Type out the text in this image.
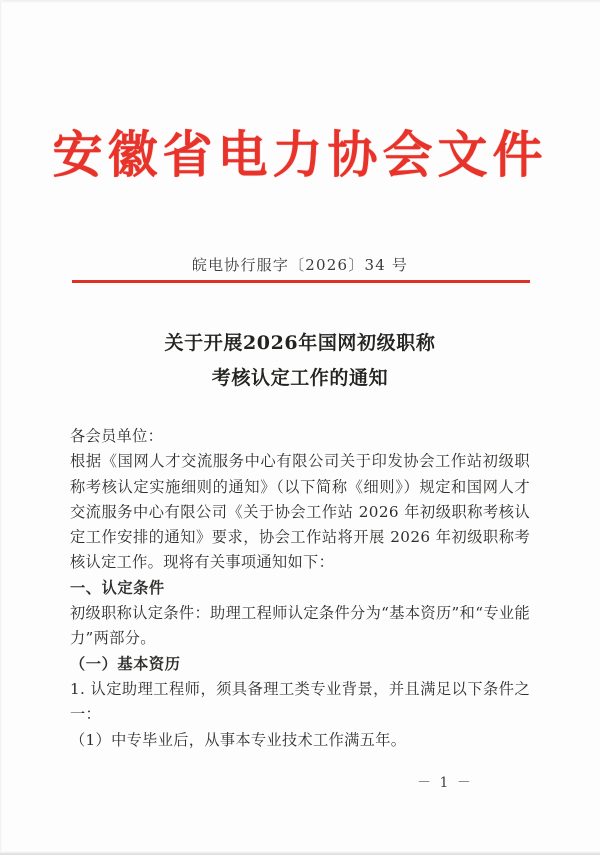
安徽省电力协会文件
皖电协行服字〔2026〕34 号
关于开展2026年国网初级职称
考核认定工作的通知

各会员单位：

根据《国网人才交流服务中心有限公司关于印发协会工作站初级职称考核认定实施细则的通知》（以下简称《细则》）规定和国网人才交流服务中心有限公司《关于协会工作站 2026 年初级职称考核认定工作安排的通知》要求，协会工作站将开展 2026 年初级职称考核认定工作。现将有关事项通知如下：

一、认定条件

初级职称认定条件：助理工程师认定条件分为“基本资历”和“专业能力”两部分。

（一）基本资历

1. 认定助理工程师，须具备理工类专业背景，并且满足以下条件之一：

（1）中专毕业后，从事本专业技术工作满五年。

－ 1 －
